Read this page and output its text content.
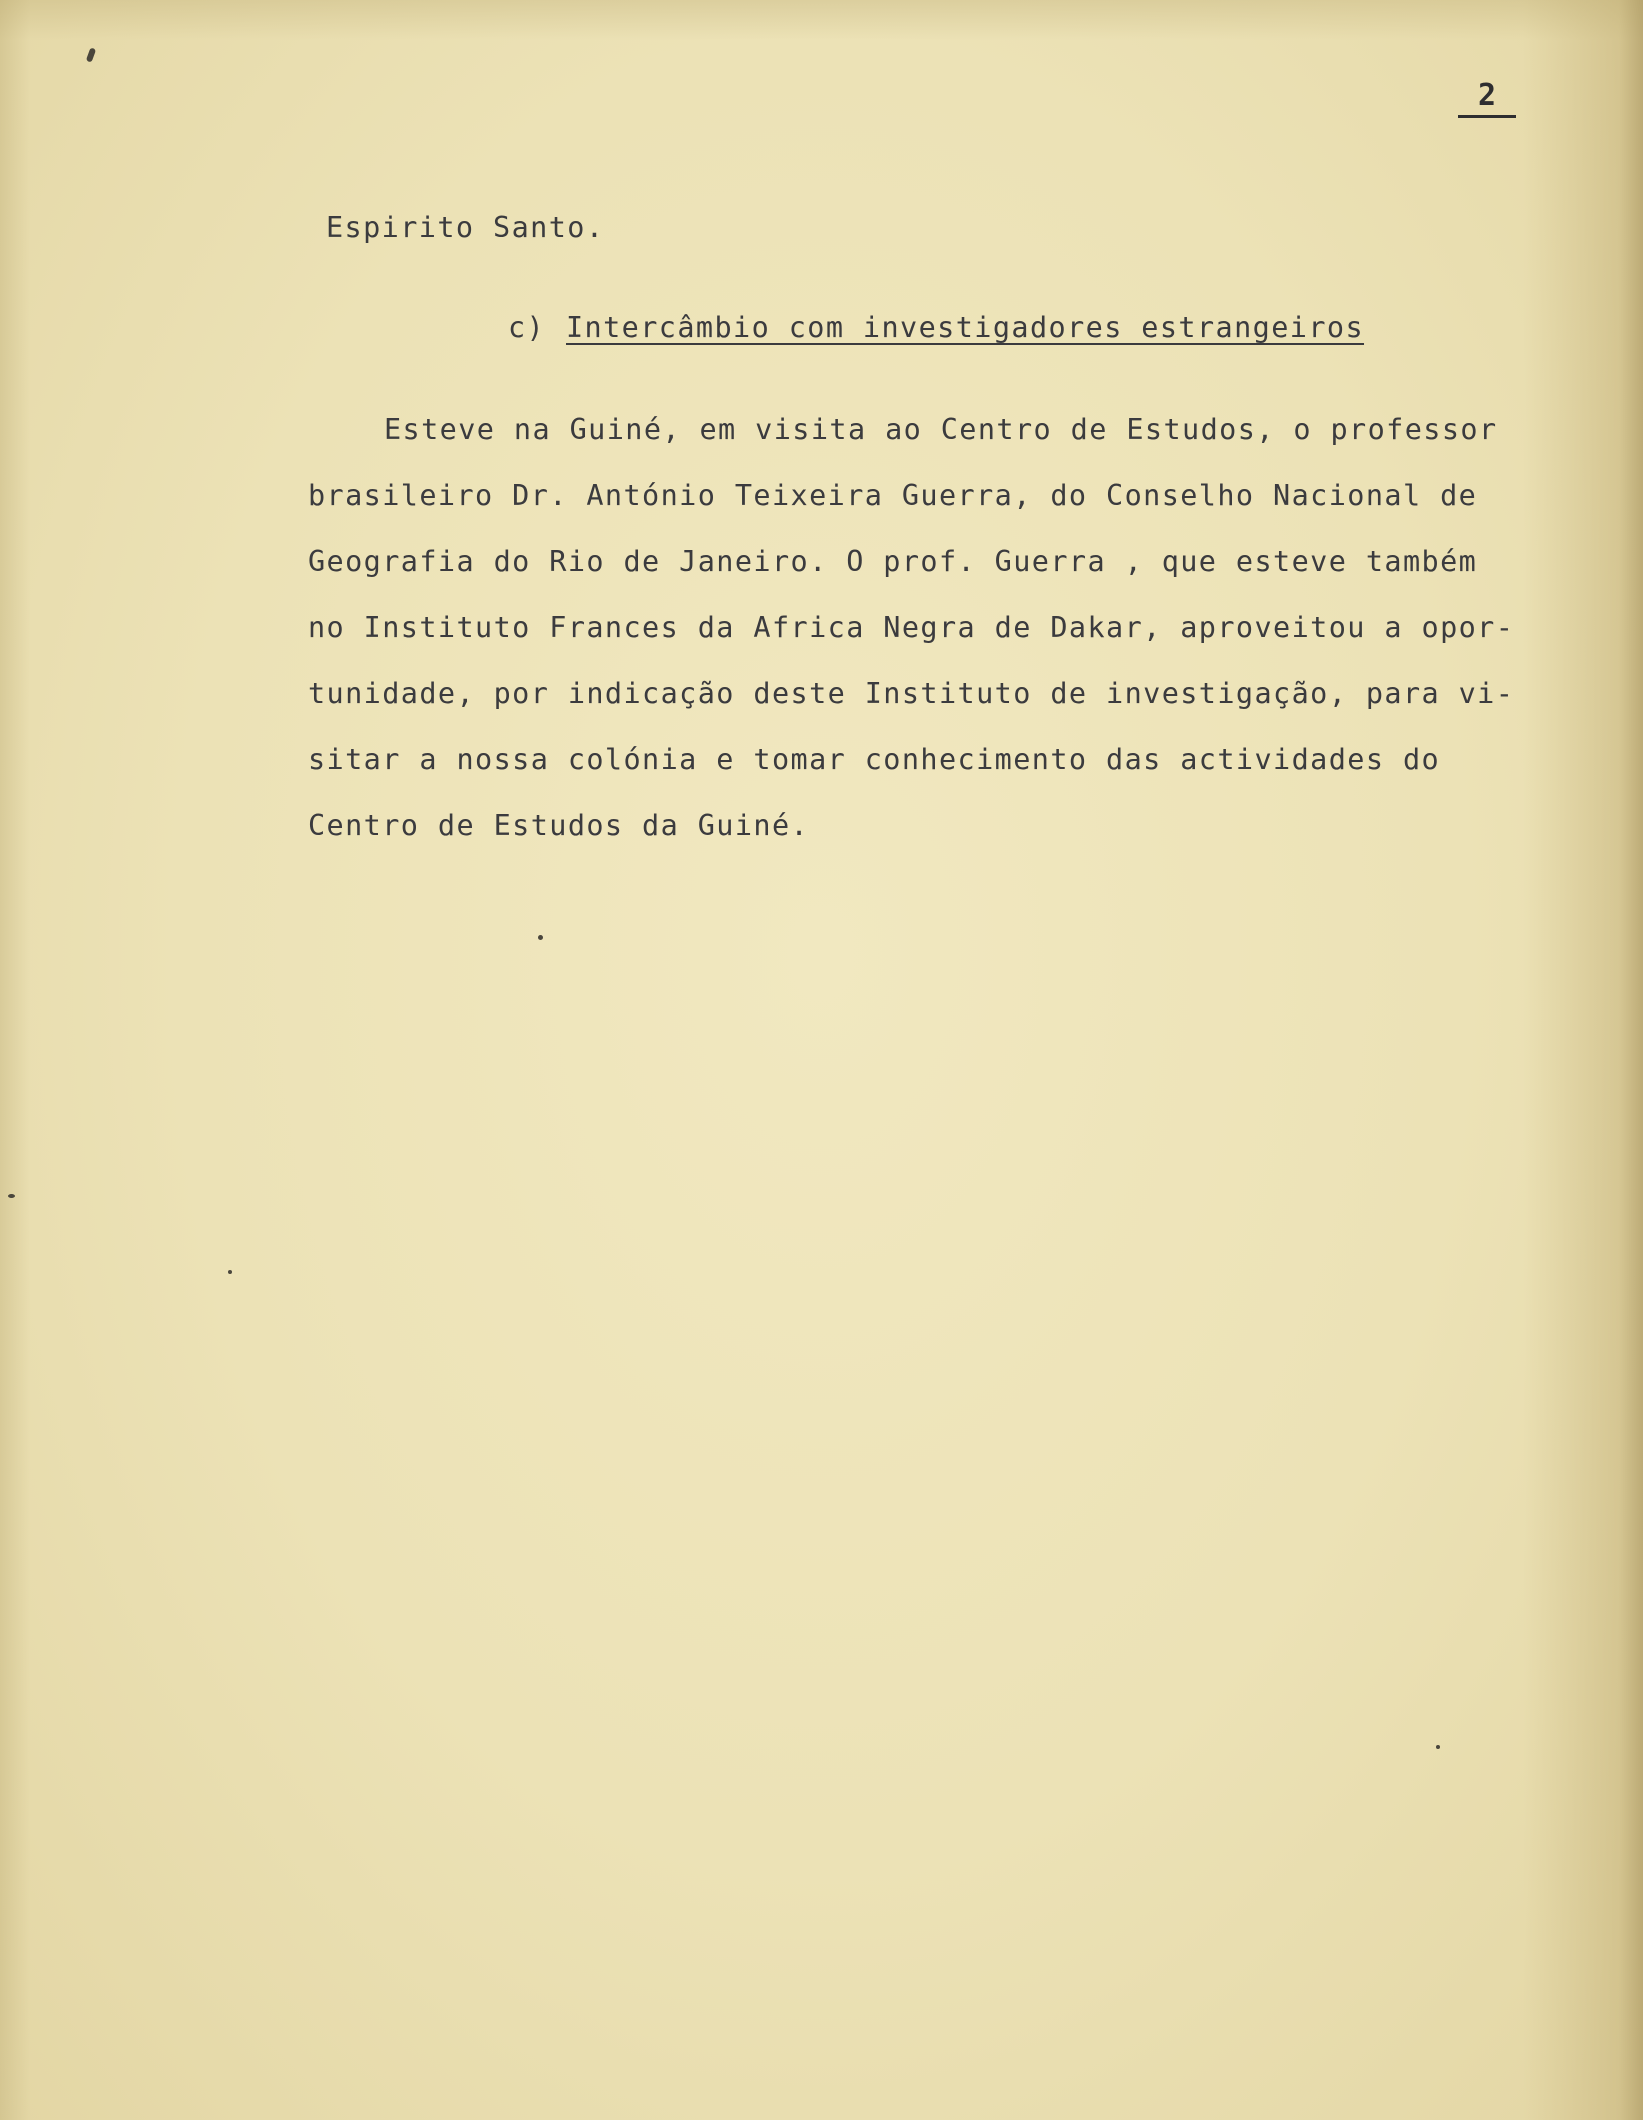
2
Espirito Santo.
c) Intercâmbio com investigadores estrangeiros
Esteve na Guiné, em visita ao Centro de Estudos, o professor
brasileiro Dr. António Teixeira Guerra, do Conselho Nacional de
Geografia do Rio de Janeiro. O prof. Guerra , que esteve também
no Instituto Frances da Africa Negra de Dakar, aproveitou a opor-
tunidade, por indicação deste Instituto de investigação, para vi-
sitar a nossa colónia e tomar conhecimento das actividades do
Centro de Estudos da Guiné.
